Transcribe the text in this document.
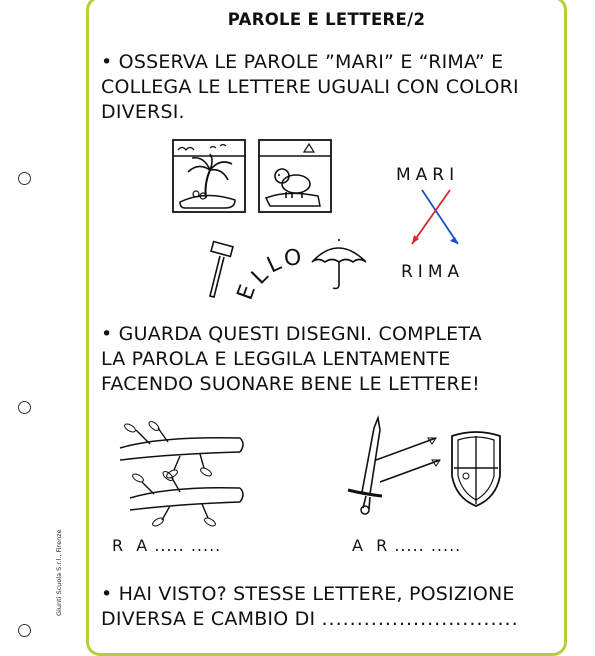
PAROLE E LETTERE/2
• OSSERVA LE PAROLE ”MARI” E “RIMA” E
COLLEGA LE LETTERE UGUALI CON COLORI
DIVERSI.
MARI
RIMA
E
L
L
O
• GUARDA QUESTI DISEGNI. COMPLETA
LA PAROLA E LEGGILA LENTAMENTE
FACENDO SUONARE BENE LE LETTERE!
R  A ..... .....	A  R ..... .....
• HAI VISTO? STESSE LETTERE, POSIZIONE
DIVERSA E CAMBIO DI ............................
Giunti Scuola S.r.l., Firenze
